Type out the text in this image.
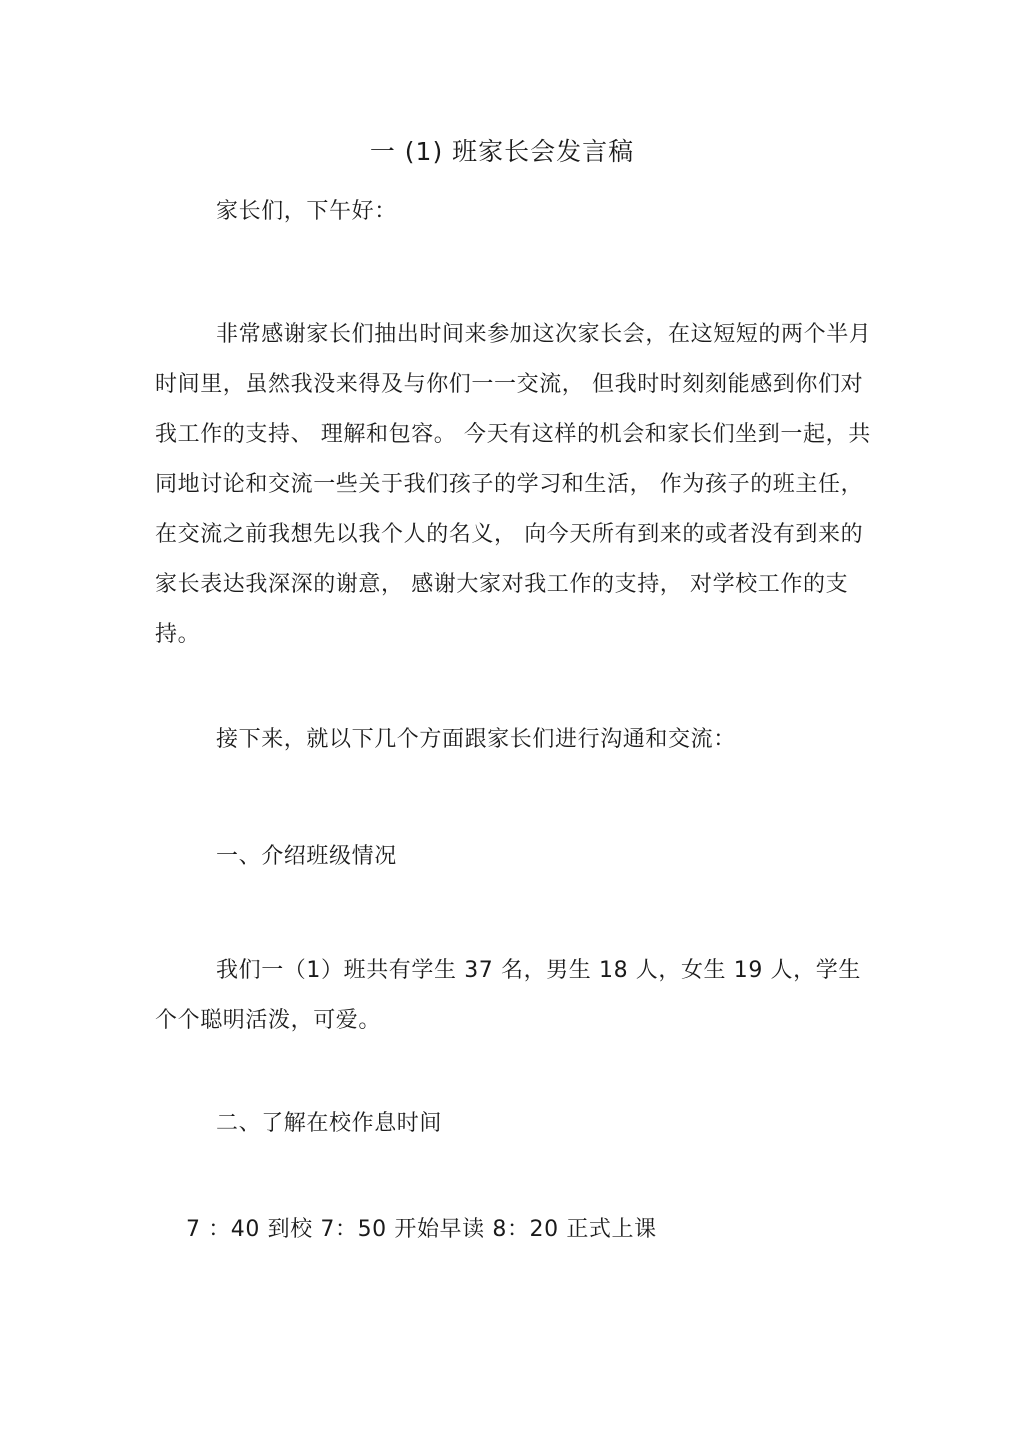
一 (1) 班家长会发言稿
家长们，下午好：
非常感谢家长们抽出时间来参加这次家长会，在这短短的两个半月时间里，虽然我没来得及与你们一一交流， 但我时时刻刻能感到你们对我工作的支持、 理解和包容。 今天有这样的机会和家长们坐到一起，共同地讨论和交流一些关于我们孩子的学习和生活， 作为孩子的班主任，在交流之前我想先以我个人的名义， 向今天所有到来的或者没有到来的家长表达我深深的谢意， 感谢大家对我工作的支持， 对学校工作的支持。
接下来，就以下几个方面跟家长们进行沟通和交流：
一、介绍班级情况
我们一（1）班共有学生 37 名，男生 18 人，女生 19 人，学生个个聪明活泼，可爱。
二、了解在校作息时间
7 ：40 到校 7：50 开始早读 8：20 正式上课
